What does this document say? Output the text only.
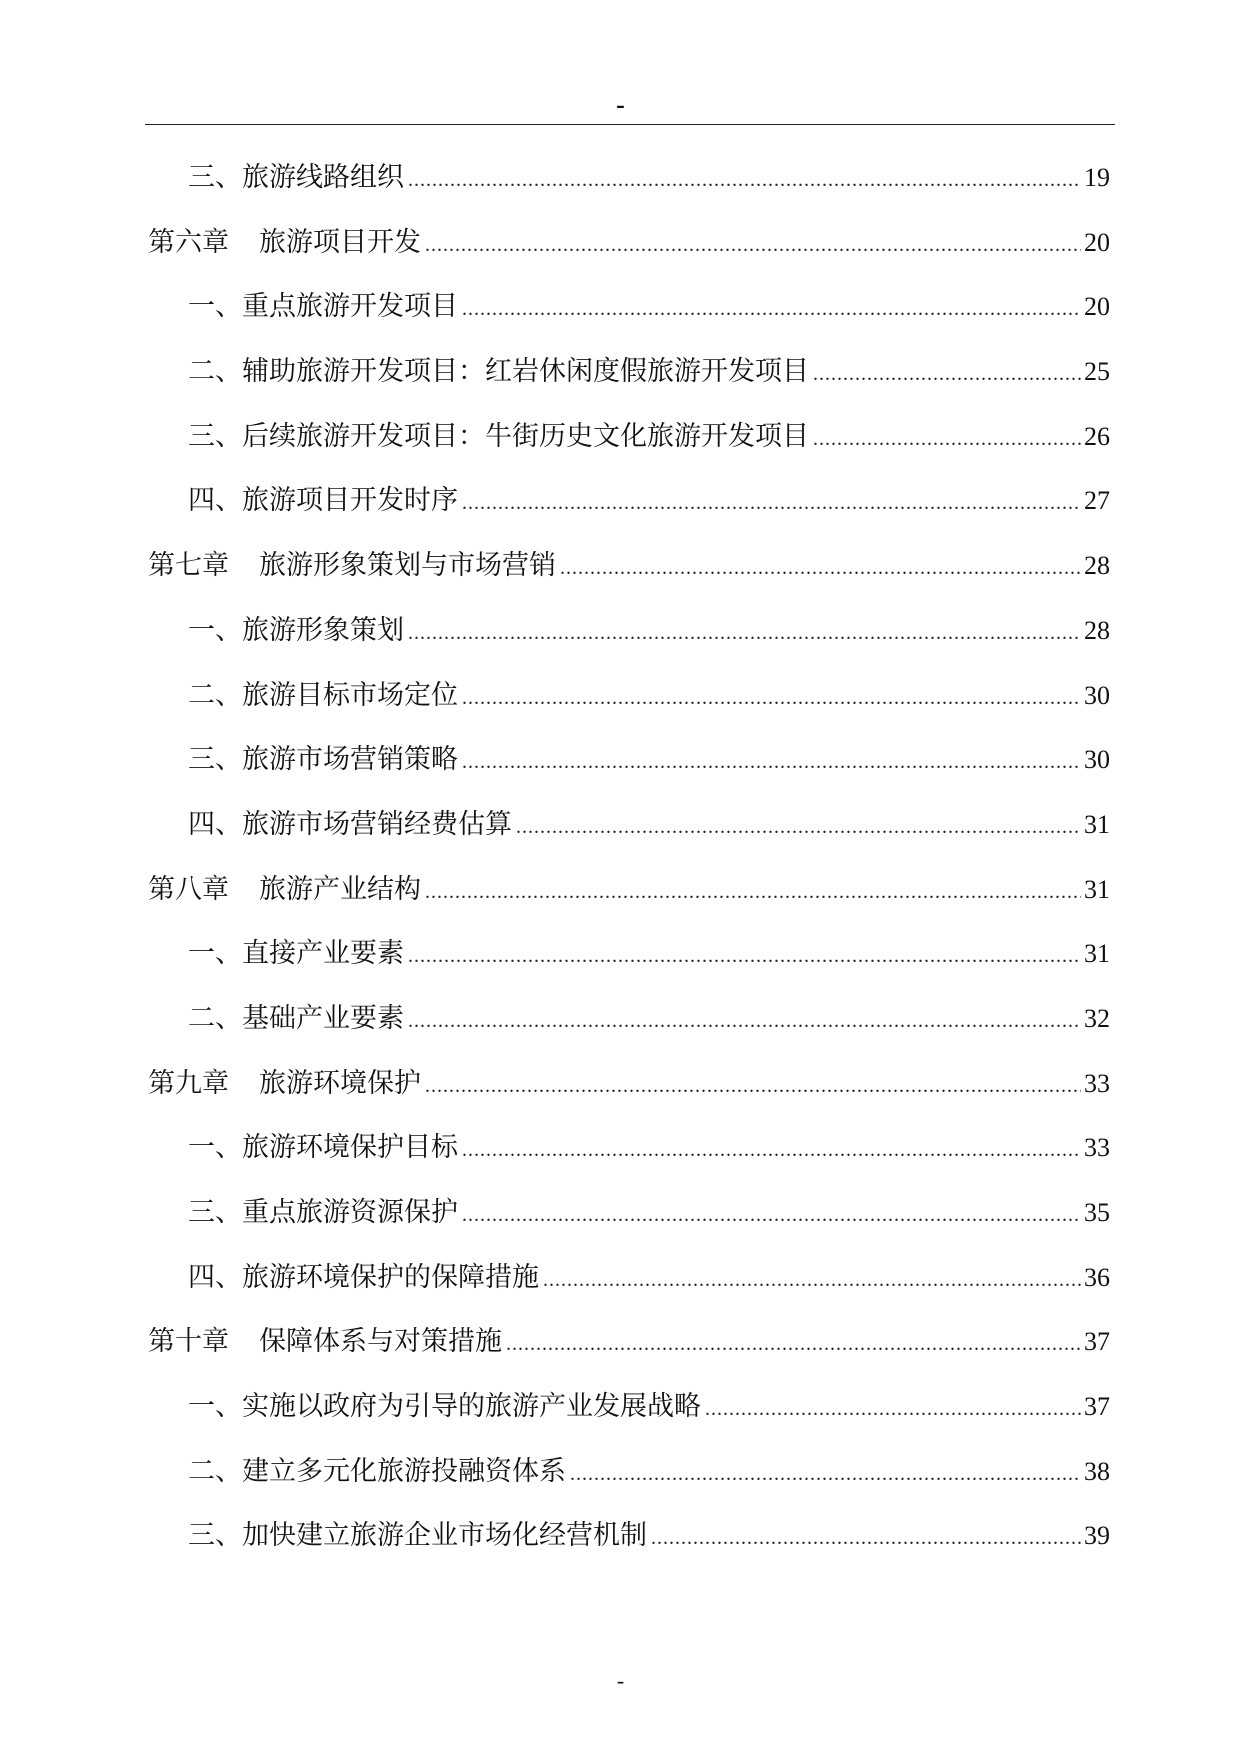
-
三、旅游线路组织 .....	19
第六章 旅游项目开发 .....	20
一、重点旅游开发项目 .....	20
二、辅助旅游开发项目：红岩休闲度假旅游开发项目 .....	25
三、后续旅游开发项目：牛街历史文化旅游开发项目 .....	26
四、旅游项目开发时序 .....	27
第七章 旅游形象策划与市场营销 .....	28
一、旅游形象策划 .....	28
二、旅游目标市场定位 .....	30
三、旅游市场营销策略 .....	30
四、旅游市场营销经费估算 .....	31
第八章 旅游产业结构 .....	31
一、直接产业要素 .....	31
二、基础产业要素 .....	32
第九章 旅游环境保护 .....	33
一、旅游环境保护目标 .....	33
三、重点旅游资源保护 .....	35
四、旅游环境保护的保障措施 .....	36
第十章 保障体系与对策措施 .....	37
一、实施以政府为引导的旅游产业发展战略 .....	37
二、建立多元化旅游投融资体系 .....	38
三、加快建立旅游企业市场化经营机制 .....	39
-
